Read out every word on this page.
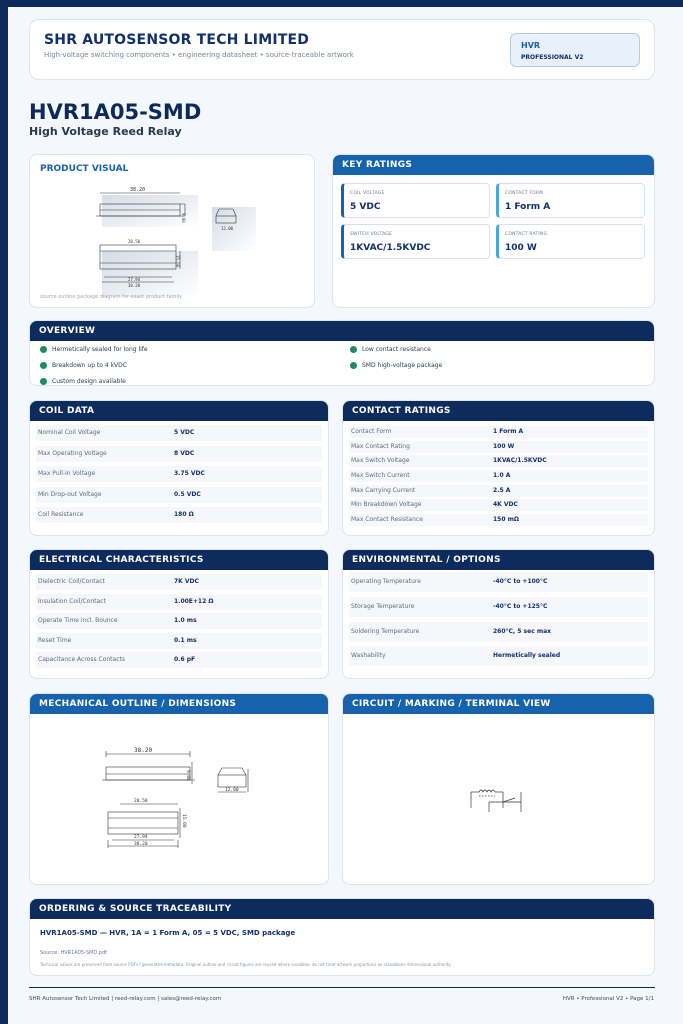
SHR AUTOSENSOR TECH LIMITED
High-voltage switching components • engineering datasheet • source-traceable artwork
HVR
PROFESSIONAL V2
HVR1A05-SMD
High Voltage Reed Relay
PRODUCT VISUAL
38.20
9.00
12.00
20.50
15.00
27.94
38.20
source outline package diagram for exact product family
KEY RATINGS
COIL VOLTAGE
5 VDC
CONTACT FORM
1 Form A
SWITCH VOLTAGE
1KVAC/1.5KVDC
CONTACT RATING
100 W
OVERVIEW
Hermetically sealed for long life	Low contact resistance
Breakdown up to 4 kVDC	SMD high-voltage package
Custom design available
COIL DATA
Nominal Coil Voltage	5 VDC
Max Operating Voltage	8 VDC
Max Pull-in Voltage	3.75 VDC
Min Drop-out Voltage	0.5 VDC
Coil Resistance	180 Ω
CONTACT RATINGS
Contact Form	1 Form A
Max Contact Rating	100 W
Max Switch Voltage	1KVAC/1.5KVDC
Max Switch Current	1.0 A
Max Carrying Current	2.5 A
Min Breakdown Voltage	4K VDC
Max Contact Resistance	150 mΩ
ELECTRICAL CHARACTERISTICS
Dielectric Coil/Contact	7K VDC
Insulation Coil/Contact	1.00E+12 Ω
Operate Time incl. Bounce	1.0 ms
Reset Time	0.1 ms
Capacitance Across Contacts	0.6 pF
ENVIRONMENTAL / OPTIONS
Operating Temperature	-40°C to +100°C
Storage Temperature	-40°C to +125°C
Soldering Temperature	260°C, 5 sec max
Washability	Hermetically sealed
MECHANICAL OUTLINE / DIMENSIONS
38.20
9.00
12.00
20.50
15.00
27.94
38.20
CIRCUIT / MARKING / TERMINAL VIEW
ORDERING & SOURCE TRACEABILITY
HVR1A05-SMD — HVR, 1A = 1 Form A, 05 = 5 VDC, SMD package
Source: HVR1A05-SMD.pdf
Technical values are preserved from source PDFs / generated metadata. Original outline and circuit figures are reused where available; do not treat artwork proportions as standalone dimensional authority.
SHR Autosensor Tech Limited | reed-relay.com | sales@reed-relay.com	HVR • Professional V2 • Page 1/1
